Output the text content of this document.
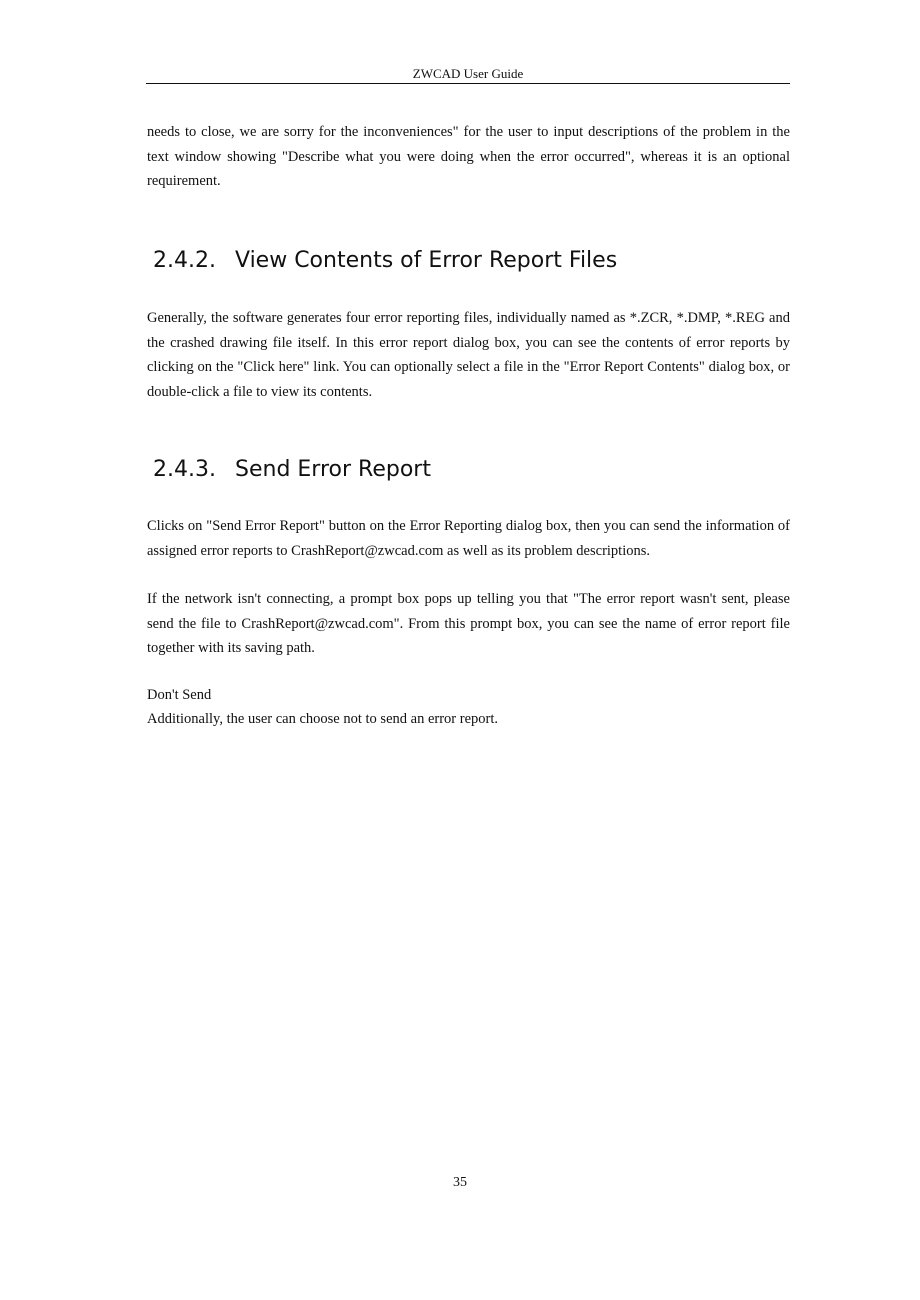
ZWCAD User Guide

needs to close, we are sorry for the inconveniences" for the user to input descriptions of the problem in the text window showing "Describe what you were doing when the error occurred", whereas it is an optional requirement.

2.4.2. View Contents of Error Report Files

Generally, the software generates four error reporting files, individually named as *.ZCR, *.DMP, *.REG and the crashed drawing file itself. In this error report dialog box, you can see the contents of error reports by clicking on the "Click here" link. You can optionally select a file in the "Error Report Contents" dialog box, or double-click a file to view its contents.

2.4.3. Send Error Report

Clicks on "Send Error Report" button on the Error Reporting dialog box, then you can send the information of assigned error reports to CrashReport@zwcad.com as well as its problem descriptions.

If the network isn't connecting, a prompt box pops up telling you that "The error report wasn't sent, please send the file to CrashReport@zwcad.com". From this prompt box, you can see the name of error report file together with its saving path.

Don't Send

Additionally, the user can choose not to send an error report.

35
